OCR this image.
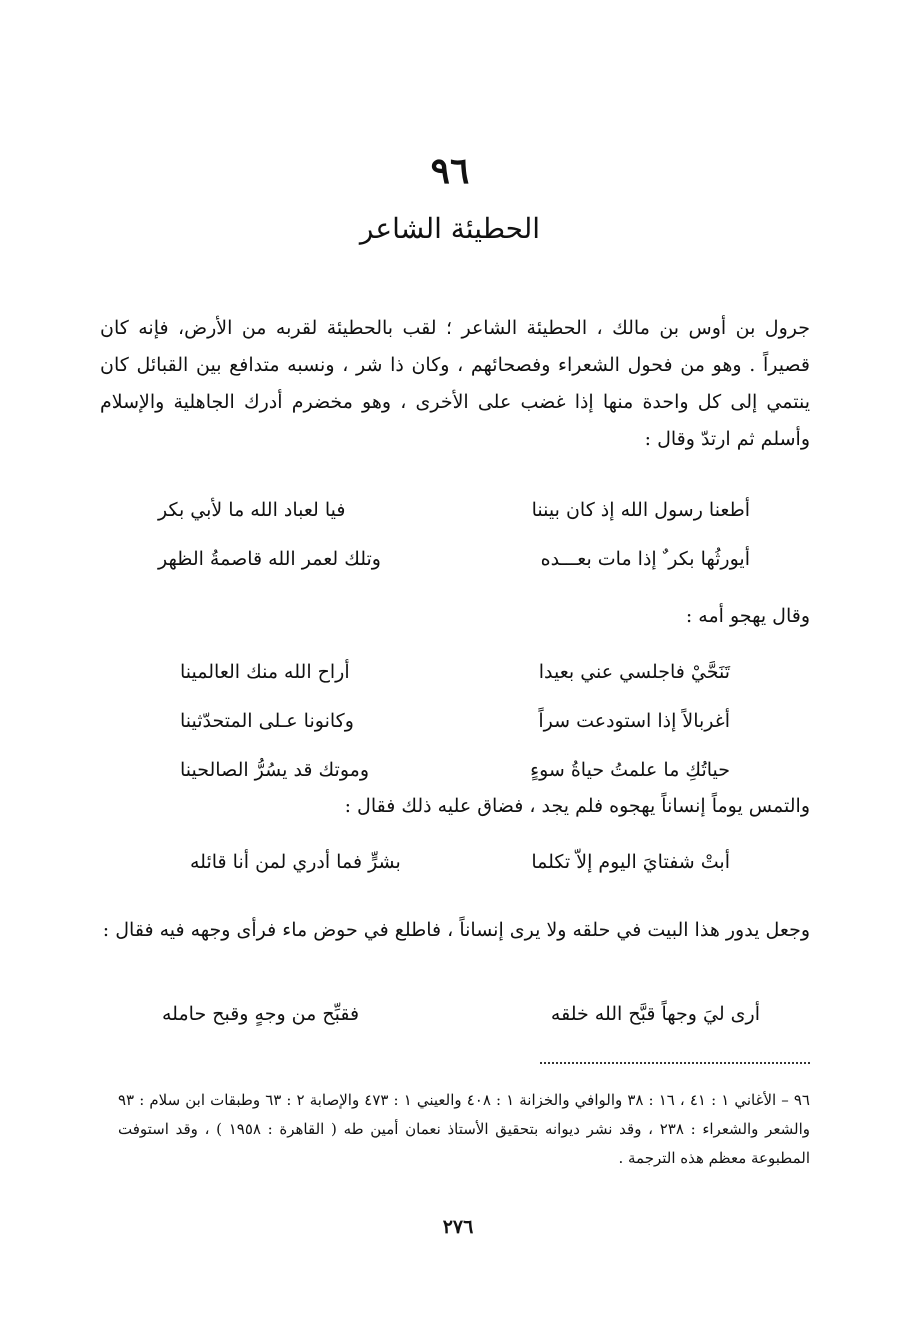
٩٦
الحطيئة الشاعر

جرول بن أوس بن مالك ، الحطيئة الشاعر ؛ لقب بالحطيئة لقربه من الأرض، فإنه كان قصيراً . وهو من فحول الشعراء وفصحائهم ، وكان ذا شر ، ونسبه متدافع بين القبائل كان ينتمي إلى كل واحدة منها إذا غضب على الأخرى ، وهو مخضرم أدرك الجاهلية والإسلام وأسلم ثم ارتدّ وقال :

أطعنا رسول الله إذ كان بيننا
فيا لعباد الله ما لأبي بكر
أيورثُها بكر ٌ إذا مات بعـــده
وتلك لعمر الله قاصمةُ الظهر

وقال يهجو أمه :

تَنَحَّيْ فاجلسي عني بعيدا
أراح الله منك العالمينا
أغربالاً إذا استودعت سراً
وكانونا عـلى المتحدّثينا
حياتُكِ ما علمتُ حياةُ سوءٍ
وموتك قد يسُرُّ الصالحينا

والتمس يوماً إنساناً يهجوه فلم يجد ، فضاق عليه ذلك فقال :

أبتْ شفتايَ اليوم إلاّ تكلما
بشرٍّ فما أدري لمن أنا قائله

وجعل يدور هذا البيت في حلقه ولا يرى إنساناً ، فاطلع في حوض ماء فرأى وجهه فيه فقال :

أرى ليَ وجهاً قبَّح الله خلقه
فقبِّح من وجهٍ وقبح حامله
٩٦ – الأغاني ١ : ٤١ ، ١٦ : ٣٨ والوافي والخزانة ١ : ٤٠٨ والعيني ١ : ٤٧٣ والإصابة ٢ : ٦٣ وطبقات ابن سلام : ٩٣ والشعر والشعراء : ٢٣٨ ، وقد نشر ديوانه بتحقيق الأستاذ نعمان أمين طه ( القاهرة : ١٩٥٨ ) ، وقد استوفت المطبوعة معظم هذه الترجمة .
٢٧٦
